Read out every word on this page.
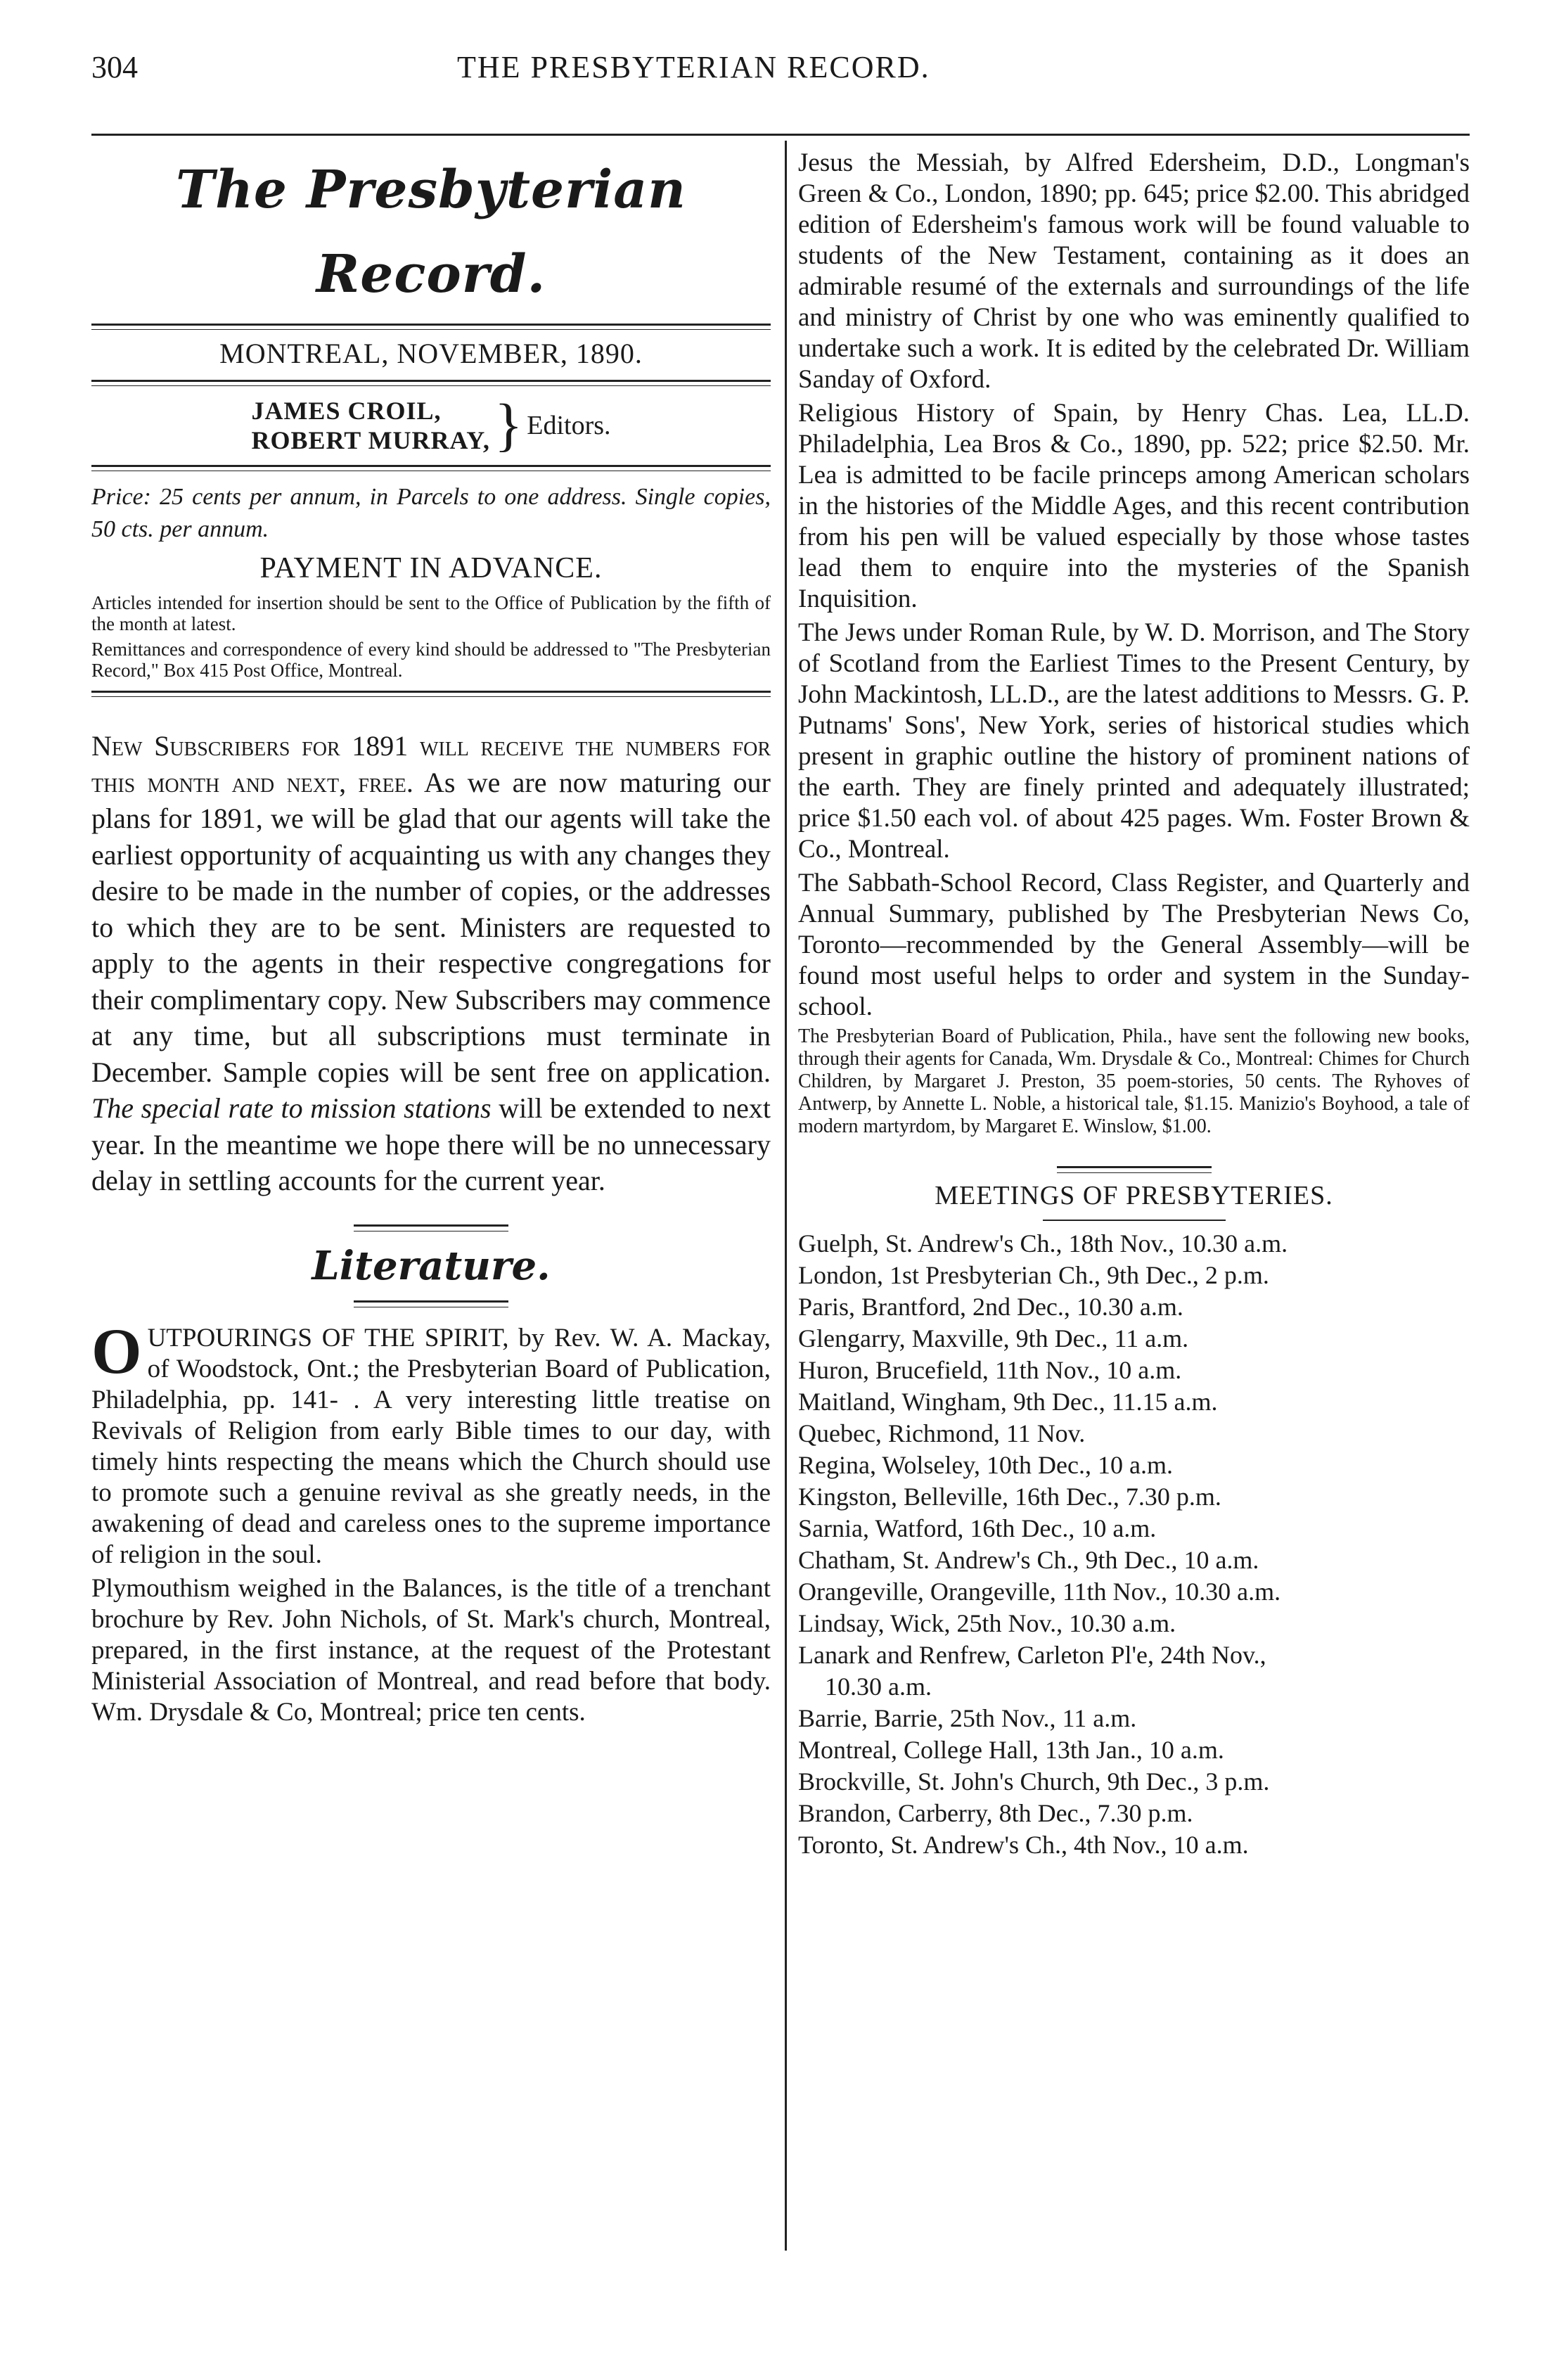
304	THE PRESBYTERIAN RECORD.
The Presbyterian Record.
MONTREAL, NOVEMBER, 1890.
JAMES CROIL,
ROBERT MURRAY, } Editors.

Price: 25 cents per annum, in Parcels to one address. Single copies, 50 cts. per annum.

PAYMENT IN ADVANCE.

Articles intended for insertion should be sent to the Office of Publication by the fifth of the month at latest.

Remittances and correspondence of every kind should be addressed to "The Presbyterian Record," Box 415 Post Office, Montreal.

New Subscribers for 1891 will receive the numbers for this month and next, free. As we are now maturing our plans for 1891, we will be glad that our agents will take the earliest opportunity of acquainting us with any changes they desire to be made in the number of copies, or the addresses to which they are to be sent. Ministers are requested to apply to the agents in their respective congregations for their complimentary copy. New Subscribers may commence at any time, but all subscriptions must terminate in December. Sample copies will be sent free on application. The special rate to mission stations will be extended to next year. In the meantime we hope there will be no unnecessary delay in settling accounts for the current year.

Literature.

O UTPOURINGS OF THE SPIRIT, by Rev. W. A. Mackay, of Woodstock, Ont.; the Presbyterian Board of Publication, Philadelphia, pp. 141- . A very interesting little treatise on Revivals of Religion from early Bible times to our day, with timely hints respecting the means which the Church should use to promote such a genuine revival as she greatly needs, in the awakening of dead and careless ones to the supreme importance of religion in the soul.

Plymouthism weighed in the Balances, is the title of a trenchant brochure by Rev. John Nichols, of St. Mark's church, Montreal, prepared, in the first instance, at the request of the Protestant Ministerial Association of Montreal, and read before that body. Wm. Drysdale & Co, Montreal; price ten cents.

Jesus the Messiah, by Alfred Edersheim, D.D., Longman's Green & Co., London, 1890; pp. 645; price $2.00. This abridged edition of Edersheim's famous work will be found valuable to students of the New Testament, containing as it does an admirable resumé of the externals and surroundings of the life and ministry of Christ by one who was eminently qualified to undertake such a work. It is edited by the celebrated Dr. William Sanday of Oxford.

Religious History of Spain, by Henry Chas. Lea, LL.D. Philadelphia, Lea Bros & Co., 1890, pp. 522; price $2.50. Mr. Lea is admitted to be facile princeps among American scholars in the histories of the Middle Ages, and this recent contribution from his pen will be valued especially by those whose tastes lead them to enquire into the mysteries of the Spanish Inquisition.

The Jews under Roman Rule, by W. D. Morrison, and The Story of Scotland from the Earliest Times to the Present Century, by John Mackintosh, LL.D., are the latest additions to Messrs. G. P. Putnams' Sons', New York, series of historical studies which present in graphic outline the history of prominent nations of the earth. They are finely printed and adequately illustrated; price $1.50 each vol. of about 425 pages. Wm. Foster Brown & Co., Montreal.

The Sabbath-School Record, Class Register, and Quarterly and Annual Summary, published by The Presbyterian News Co, Toronto—recommended by the General Assembly—will be found most useful helps to order and system in the Sunday-school.

The Presbyterian Board of Publication, Phila., have sent the following new books, through their agents for Canada, Wm. Drysdale & Co., Montreal: Chimes for Church Children, by Margaret J. Preston, 35 poem-stories, 50 cents. The Ryhoves of Antwerp, by Annette L. Noble, a historical tale, $1.15. Manizio's Boyhood, a tale of modern martyrdom, by Margaret E. Winslow, $1.00.

MEETINGS OF PRESBYTERIES.
Guelph, St. Andrew's Ch., 18th Nov., 10.30 a.m.
London, 1st Presbyterian Ch., 9th Dec., 2 p.m.
Paris, Brantford, 2nd Dec., 10.30 a.m.
Glengarry, Maxville, 9th Dec., 11 a.m.
Huron, Brucefield, 11th Nov., 10 a.m.
Maitland, Wingham, 9th Dec., 11.15 a.m.
Quebec, Richmond, 11 Nov.
Regina, Wolseley, 10th Dec., 10 a.m.
Kingston, Belleville, 16th Dec., 7.30 p.m.
Sarnia, Watford, 16th Dec., 10 a.m.
Chatham, St. Andrew's Ch., 9th Dec., 10 a.m.
Orangeville, Orangeville, 11th Nov., 10.30 a.m.
Lindsay, Wick, 25th Nov., 10.30 a.m.
Lanark and Renfrew, Carleton Pl'e, 24th Nov.,
10.30 a.m.
Barrie, Barrie, 25th Nov., 11 a.m.
Montreal, College Hall, 13th Jan., 10 a.m.
Brockville, St. John's Church, 9th Dec., 3 p.m.
Brandon, Carberry, 8th Dec., 7.30 p.m.
Toronto, St. Andrew's Ch., 4th Nov., 10 a.m.
